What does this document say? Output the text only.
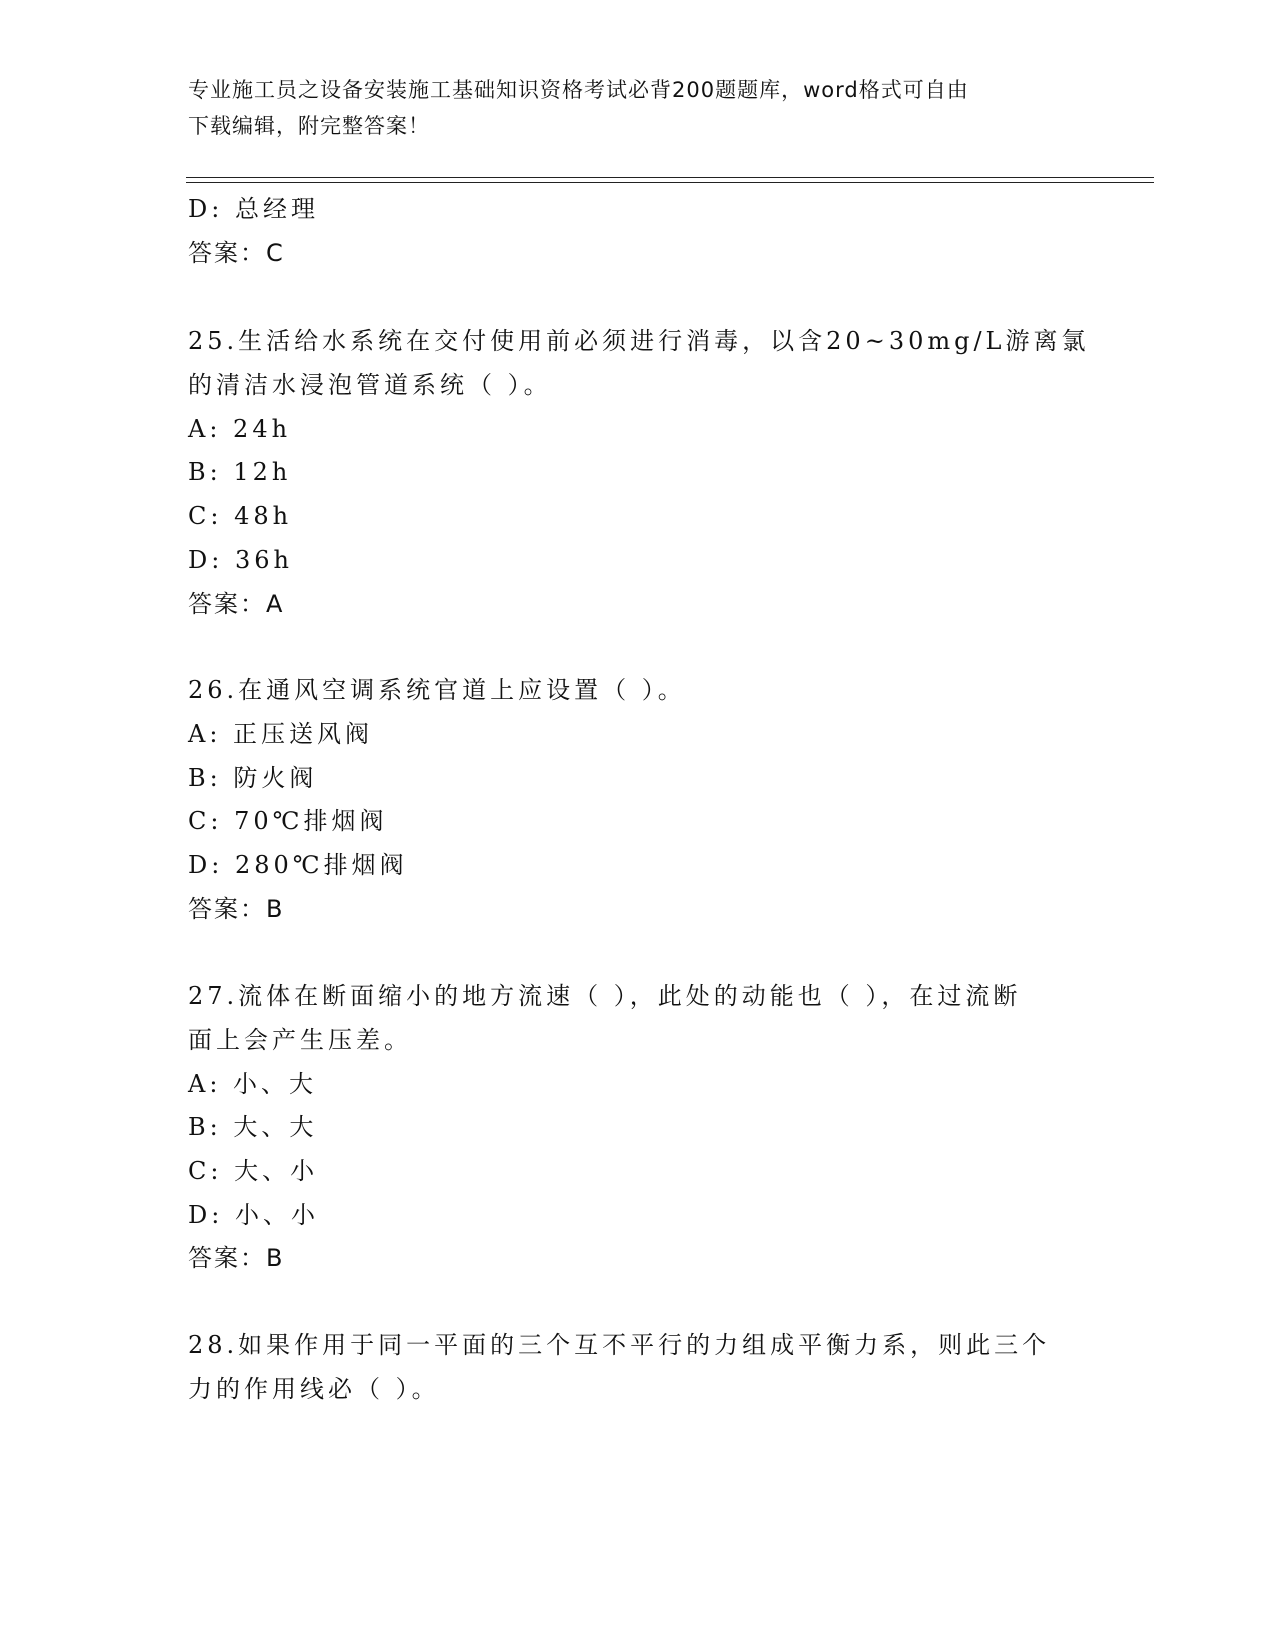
专业施工员之设备安装施工基础知识资格考试必背200题题库，word格式可自由
下载编辑，附完整答案！
D: 总经理
答案：C
25.生活给水系统在交付使用前必须进行消毒，以含20~30mg/L游离氯
的清洁水浸泡管道系统（ ）。
A: 24h
B: 12h
C: 48h
D: 36h
答案：A
26.在通风空调系统官道上应设置（ ）。
A: 正压送风阀
B: 防火阀
C: 70℃排烟阀
D: 280℃排烟阀
答案：B
27.流体在断面缩小的地方流速（ ），此处的动能也（ ），在过流断
面上会产生压差。
A: 小、大
B: 大、大
C: 大、小
D: 小、小
答案：B
28.如果作用于同一平面的三个互不平行的力组成平衡力系，则此三个
力的作用线必（ ）。
